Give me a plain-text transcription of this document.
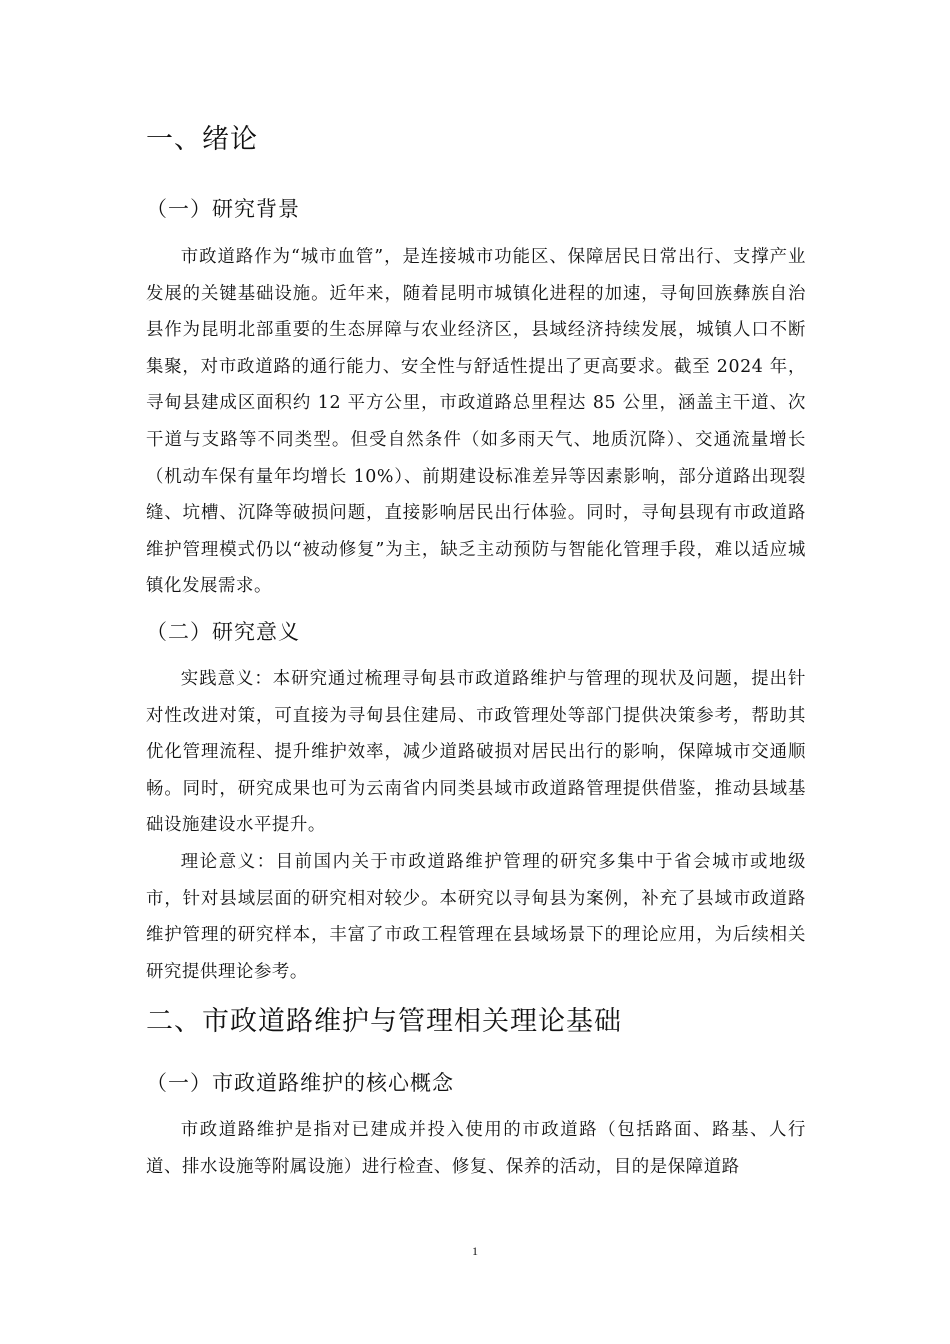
一、绪论
（一）研究背景

市政道路作为“城市血管”，是连接城市功能区、保障居民日常出行、支撑产业发展的关键基础设施。近年来，随着昆明市城镇化进程的加速，寻甸回族彝族自治县作为昆明北部重要的生态屏障与农业经济区，县域经济持续发展，城镇人口不断集聚，对市政道路的通行能力、安全性与舒适性提出了更高要求。截至 2024 年，寻甸县建成区面积约 12 平方公里，市政道路总里程达 85 公里，涵盖主干道、次干道与支路等不同类型。但受自然条件（如多雨天气、地质沉降）、交通流量增长（机动车保有量年均增长 10%）、前期建设标准差异等因素影响，部分道路出现裂缝、坑槽、沉降等破损问题，直接影响居民出行体验。同时，寻甸县现有市政道路维护管理模式仍以“被动修复”为主，缺乏主动预防与智能化管理手段，难以适应城镇化发展需求。

（二）研究意义

实践意义：本研究通过梳理寻甸县市政道路维护与管理的现状及问题，提出针对性改进对策，可直接为寻甸县住建局、市政管理处等部门提供决策参考，帮助其优化管理流程、提升维护效率，减少道路破损对居民出行的影响，保障城市交通顺畅。同时，研究成果也可为云南省内同类县域市政道路管理提供借鉴，推动县域基础设施建设水平提升。

理论意义：目前国内关于市政道路维护管理的研究多集中于省会城市或地级市，针对县域层面的研究相对较少。本研究以寻甸县为案例，补充了县域市政道路维护管理的研究样本，丰富了市政工程管理在县域场景下的理论应用，为后续相关研究提供理论参考。

二、市政道路维护与管理相关理论基础
（一）市政道路维护的核心概念

市政道路维护是指对已建成并投入使用的市政道路（包括路面、路基、人行道、排水设施等附属设施）进行检查、修复、保养的活动，目的是保障道路

1
